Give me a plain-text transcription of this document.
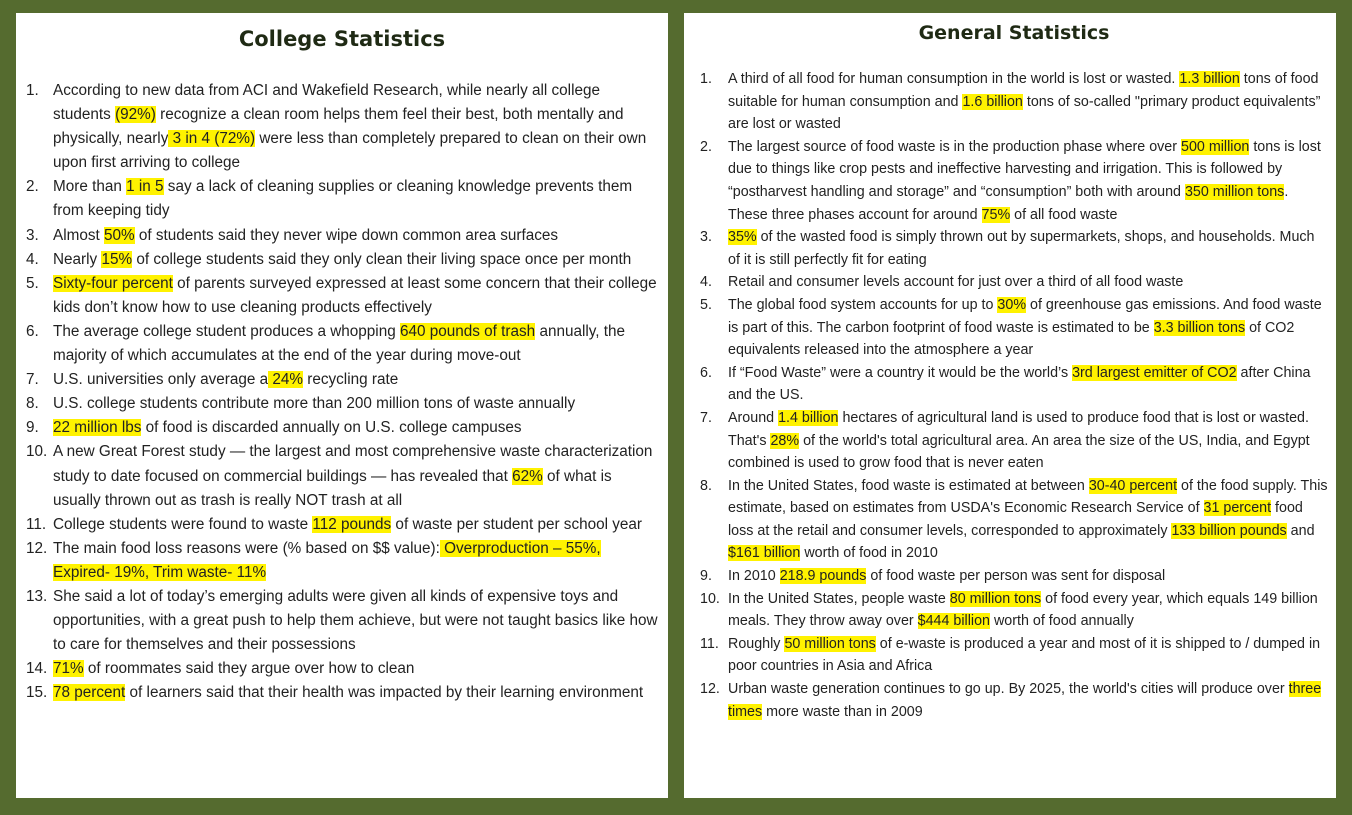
College Statistics
1. According to new data from ACI and Wakefield Research, while nearly all college students (92%) recognize a clean room helps them feel their best, both mentally and physically, nearly 3 in 4 (72%) were less than completely prepared to clean on their own upon first arriving to college
2. More than 1 in 5 say a lack of cleaning supplies or cleaning knowledge prevents them from keeping tidy
3. Almost 50% of students said they never wipe down common area surfaces
4. Nearly 15% of college students said they only clean their living space once per month
5. Sixty-four percent of parents surveyed expressed at least some concern that their college kids don’t know how to use cleaning products effectively
6. The average college student produces a whopping 640 pounds of trash annually, the majority of which accumulates at the end of the year during move-out
7. U.S. universities only average a 24% recycling rate
8. U.S. college students contribute more than 200 million tons of waste annually
9. 22 million lbs of food is discarded annually on U.S. college campuses
10. A new Great Forest study — the largest and most comprehensive waste characterization study to date focused on commercial buildings — has revealed that 62% of what is usually thrown out as trash is really NOT trash at all
11. College students were found to waste 112 pounds of waste per student per school year
12. The main food loss reasons were (% based on $$ value): Overproduction – 55%, Expired- 19%, Trim waste- 11%
13. She said a lot of today’s emerging adults were given all kinds of expensive toys and opportunities, with a great push to help them achieve, but were not taught basics like how to care for themselves and their possessions
14. 71% of roommates said they argue over how to clean
15. 78 percent of learners said that their health was impacted by their learning environment
General Statistics
1. A third of all food for human consumption in the world is lost or wasted. 1.3 billion tons of food suitable for human consumption and 1.6 billion tons of so-called "primary product equivalents” are lost or wasted
2. The largest source of food waste is in the production phase where over 500 million tons is lost due to things like crop pests and ineffective harvesting and irrigation. This is followed by “postharvest handling and storage” and “consumption” both with around 350 million tons. These three phases account for around 75% of all food waste
3. 35% of the wasted food is simply thrown out by supermarkets, shops, and households. Much of it is still perfectly fit for eating
4. Retail and consumer levels account for just over a third of all food waste
5. The global food system accounts for up to 30% of greenhouse gas emissions. And food waste is part of this. The carbon footprint of food waste is estimated to be 3.3 billion tons of CO2 equivalents released into the atmosphere a year
6. If “Food Waste” were a country it would be the world’s 3rd largest emitter of CO2 after China and the US.
7. Around 1.4 billion hectares of agricultural land is used to produce food that is lost or wasted. That's 28% of the world's total agricultural area. An area the size of the US, India, and Egypt combined is used to grow food that is never eaten
8. In the United States, food waste is estimated at between 30-40 percent of the food supply. This estimate, based on estimates from USDA's Economic Research Service of 31 percent food loss at the retail and consumer levels, corresponded to approximately 133 billion pounds and $161 billion worth of food in 2010
9. In 2010 218.9 pounds of food waste per person was sent for disposal
10. In the United States, people waste 80 million tons of food every year, which equals 149 billion meals. They throw away over $444 billion worth of food annually
11. Roughly 50 million tons of e-waste is produced a year and most of it is shipped to / dumped in poor countries in Asia and Africa
12. Urban waste generation continues to go up. By 2025, the world's cities will produce over three times more waste than in 2009
